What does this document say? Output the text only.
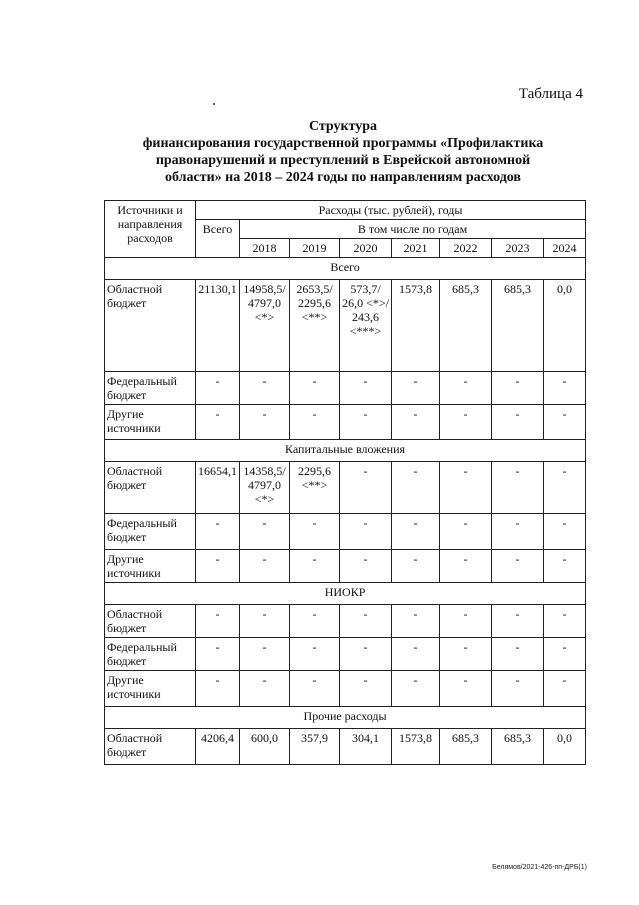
Таблица 4
Структура
финансирования государственной программы «Профилактика
правонарушений и преступлений в Еврейской автономной
области» на 2018 – 2024 годы по направлениям расходов
Источники и направления расходов	Расходы (тыс. рублей), годы							
	Всего	В том числе по годам						
		2018	2019	2020	2021	2022	2023	2024
Всего								
Областной бюджет	21130,1	14958,5/ 4797,0 <*>	2653,5/ 2295,6 <**>	573,7/ 26,0 <*>/ 243,6 <***>	1573,8	685,3	685,3	0,0
Федеральный бюджет	-	-	-	-	-	-	-	-
Другие источники	-	-	-	-	-	-	-	-
Капитальные вложения								
Областной бюджет	16654,1	14358,5/ 4797,0 <*>	2295,6 <**>	-	-	-	-	-
Федеральный бюджет	-	-	-	-	-	-	-	-
Другие источники	-	-	-	-	-	-	-	-
НИОКР								
Областной бюджет	-	-	-	-	-	-	-	-
Федеральный бюджет	-	-	-	-	-	-	-	-
Другие источники	-	-	-	-	-	-	-	-
Прочие расходы								
Областной бюджет	4206,4	600,0	357,9	304,1	1573,8	685,3	685,3	0,0
Белямов/2021-426-пп-ДРБ(1)
